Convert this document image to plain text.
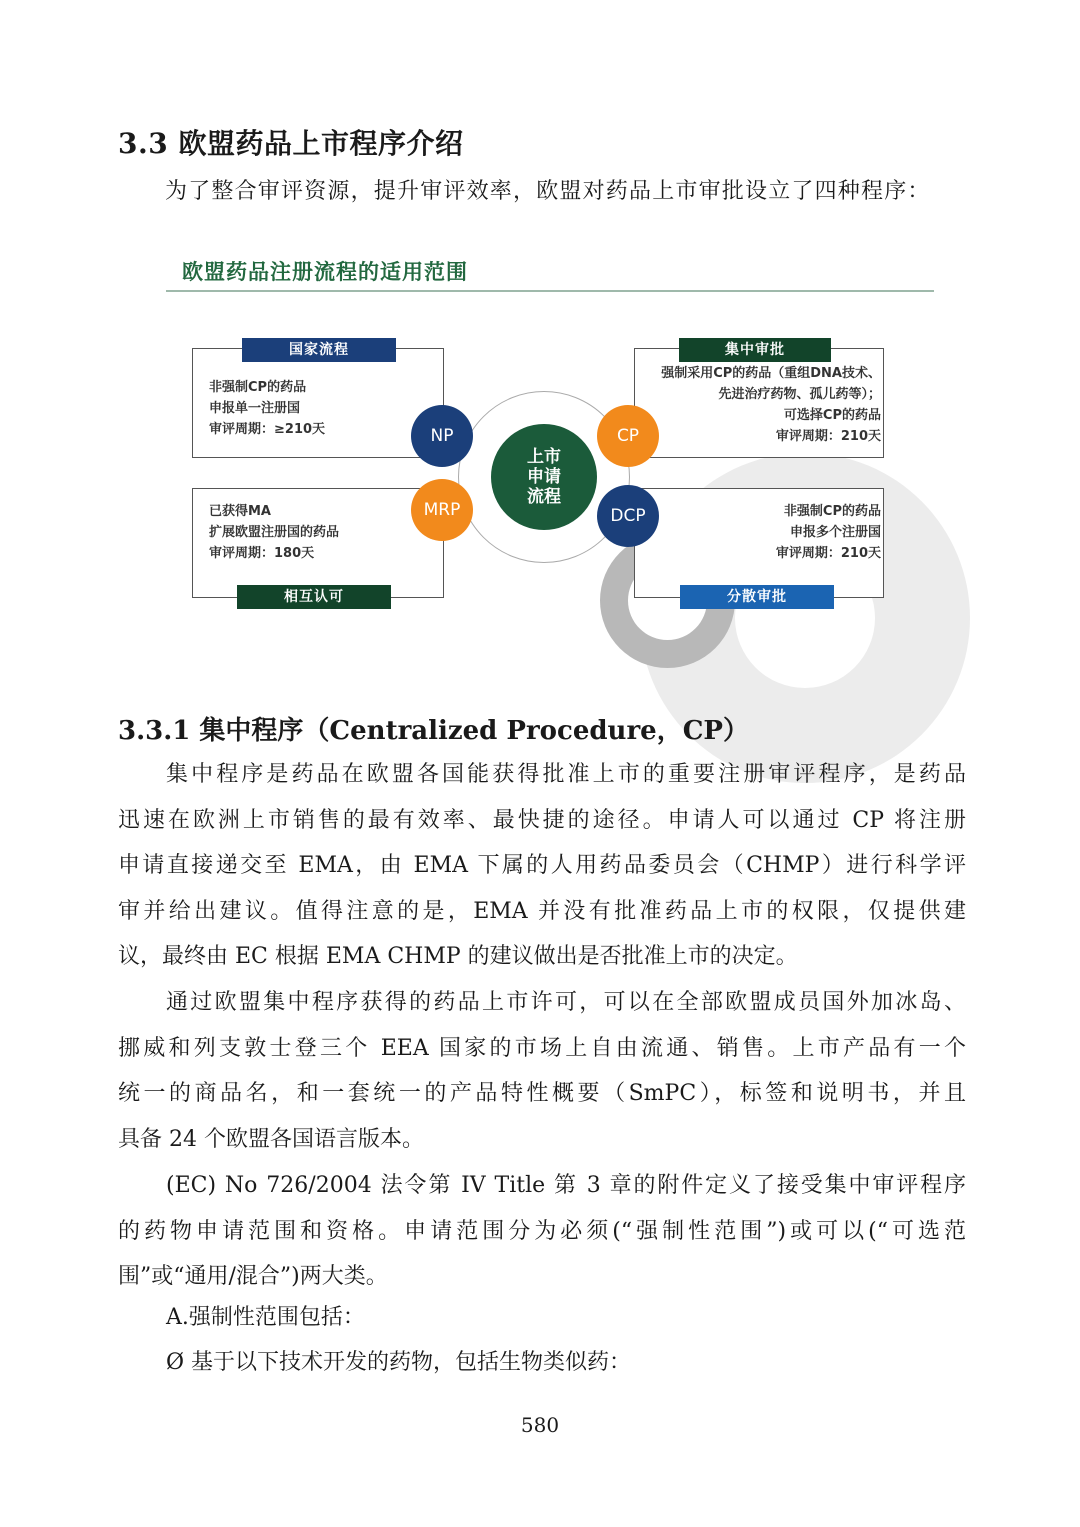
3.3 欧盟药品上市程序介绍
为了整合审评资源，提升审评效率，欧盟对药品上市审批设立了四种程序：
欧盟药品注册流程的适用范围
非强制CP的药品
申报单一注册国
审评周期：≥210天
国家流程
强制采用CP的药品（重组DNA技术、
先进治疗药物、孤儿药等）；
可选择CP的药品
审评周期：210天
集中审批
已获得MA
扩展欧盟注册国的药品
审评周期：180天
相互认可
非强制CP的药品
申报多个注册国
审评周期：210天
分散审批
上市申请流程
NP	CP
MRP	DCP
3.3.1 集中程序（Centralized Procedure，CP）
集中程序是药品在欧盟各国能获得批准上市的重要注册审评程序，是药品
迅速在欧洲上市销售的最有效率、最快捷的途径。申请人可以通过 CP 将注册
申请直接递交至 EMA，由 EMA 下属的人用药品委员会（CHMP）进行科学评
审并给出建议。值得注意的是，EMA 并没有批准药品上市的权限，仅提供建
议，最终由 EC 根据 EMA CHMP 的建议做出是否批准上市的决定。
通过欧盟集中程序获得的药品上市许可，可以在全部欧盟成员国外加冰岛、
挪威和列支敦士登三个 EEA 国家的市场上自由流通、销售。上市产品有一个
统一的商品名，和一套统一的产品特性概要（SmPC），标签和说明书，并且
具备 24 个欧盟各国语言版本。
(EC) No 726/2004 法令第 IV Title 第 3 章的附件定义了接受集中审评程序
的药物申请范围和资格。申请范围分为必须(“强制性范围”)或可以(“可选范
围”或“通用/混合”)两大类。
A.强制性范围包括：
Ø 基于以下技术开发的药物，包括生物类似药：
580
